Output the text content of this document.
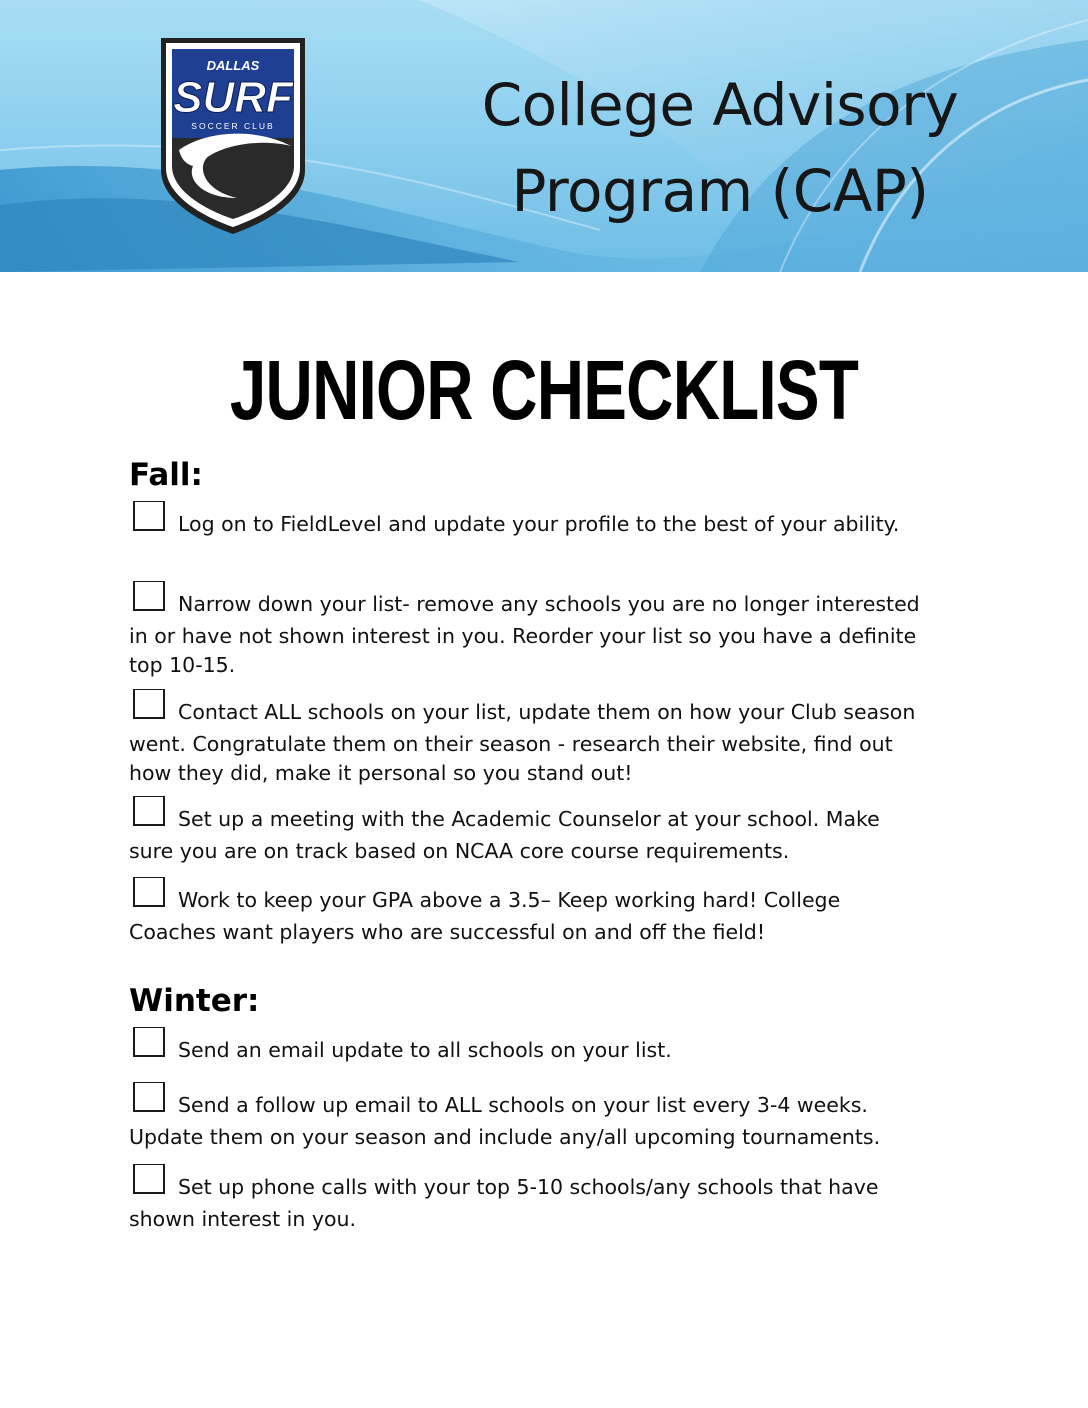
DALLAS
SURF
SOCCER CLUB	College Advisory
Program (CAP)
JUNIOR CHECKLIST
Fall:
Log on to FieldLevel and update your profile to the best of your ability.
Narrow down your list- remove any schools you are no longer interested
in or have not shown interest in you. Reorder your list so you have a definite
top 10-15.
Contact ALL schools on your list, update them on how your Club season
went. Congratulate them on their season - research their website, find out
how they did, make it personal so you stand out!
Set up a meeting with the Academic Counselor at your school. Make
sure you are on track based on NCAA core course requirements.
Work to keep your GPA above a 3.5– Keep working hard! College
Coaches want players who are successful on and off the field!
Winter:
Send an email update to all schools on your list.
Send a follow up email to ALL schools on your list every 3-4 weeks.
Update them on your season and include any/all upcoming tournaments.
Set up phone calls with your top 5-10 schools/any schools that have
shown interest in you.
